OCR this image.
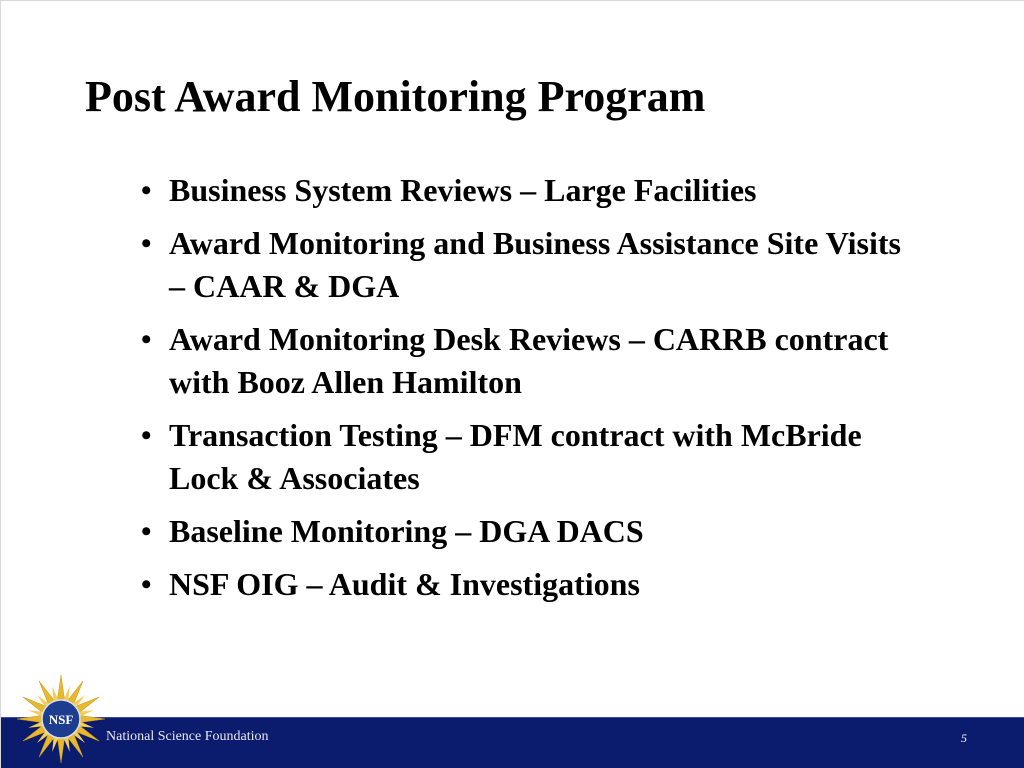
Post Award Monitoring Program
• Business System Reviews – Large Facilities
• Award Monitoring and Business Assistance Site Visits – CAAR & DGA
• Award Monitoring Desk Reviews – CARRB contract with Booz Allen Hamilton
• Transaction Testing – DFM contract with McBride Lock & Associates
• Baseline Monitoring – DGA DACS
• NSF OIG – Audit & Investigations
National Science Foundation	5
NSF
